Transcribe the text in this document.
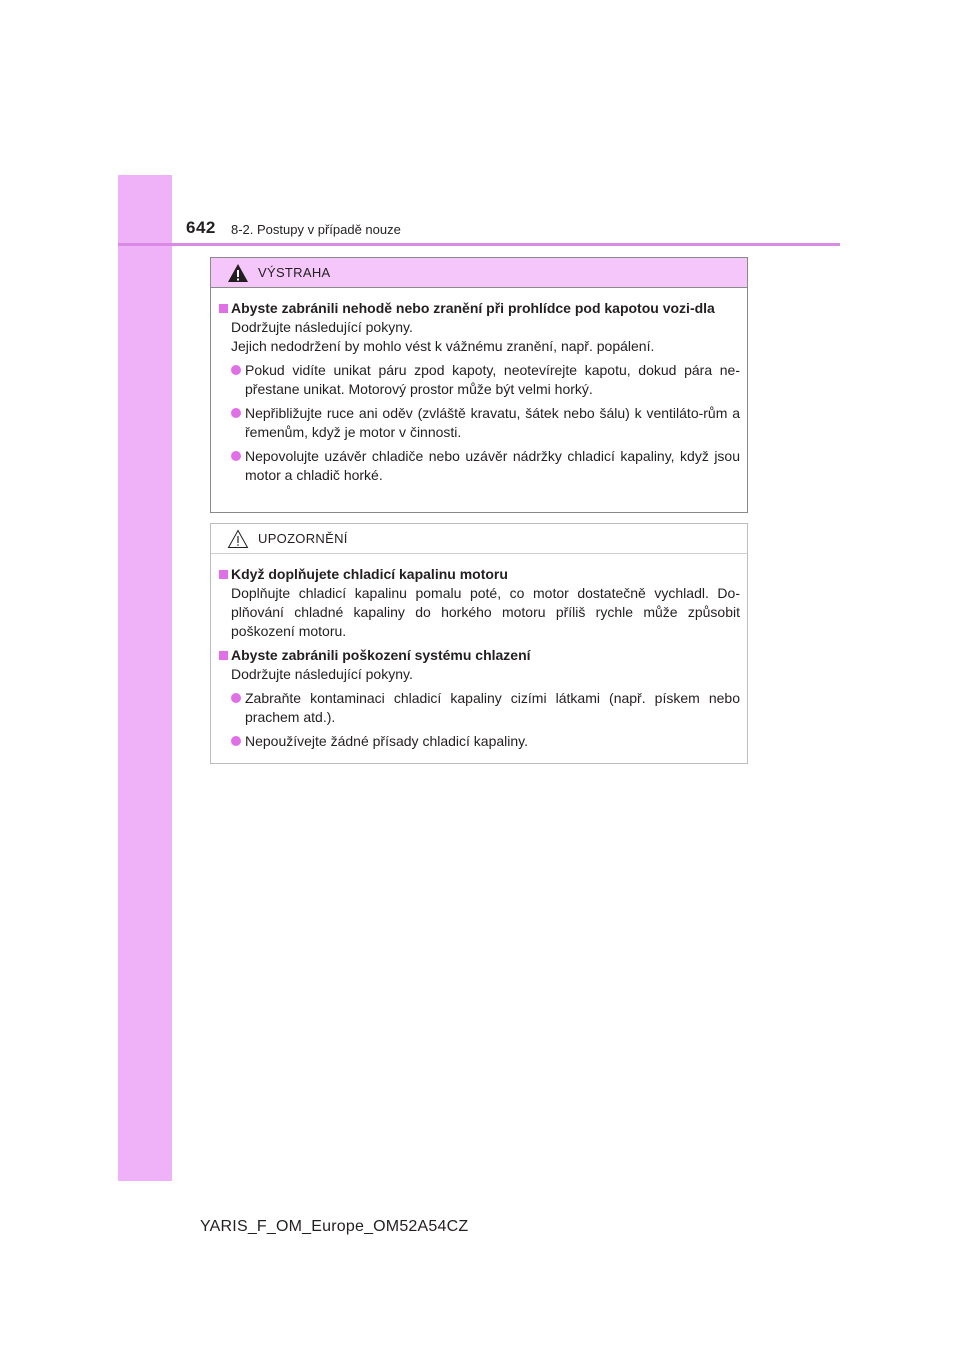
642 8-2. Postupy v případě nouze
VÝSTRAHA
Abyste zabránili nehodě nebo zranění při prohlídce pod kapotou vozi-dla
Dodržujte následující pokyny.
Jejich nedodržení by mohlo vést k vážnému zranění, např. popálení.
Pokud vidíte unikat páru zpod kapoty, neotevírejte kapotu, dokud pára ne-přestane unikat. Motorový prostor může být velmi horký.
Nepřibližujte ruce ani oděv (zvláště kravatu, šátek nebo šálu) k ventiláto-rům a řemenům, když je motor v činnosti.
Nepovolujte uzávěr chladiče nebo uzávěr nádržky chladicí kapaliny, když jsou motor a chladič horké.
UPOZORNĚNÍ
Když doplňujete chladicí kapalinu motoru
Doplňujte chladicí kapalinu pomalu poté, co motor dostatečně vychladl. Do-plňování chladné kapaliny do horkého motoru příliš rychle může způsobit poškození motoru.
Abyste zabránili poškození systému chlazení
Dodržujte následující pokyny.
Zabraňte kontaminaci chladicí kapaliny cizími látkami (např. pískem nebo prachem atd.).
Nepoužívejte žádné přísady chladicí kapaliny.
YARIS_F_OM_Europe_OM52A54CZ
